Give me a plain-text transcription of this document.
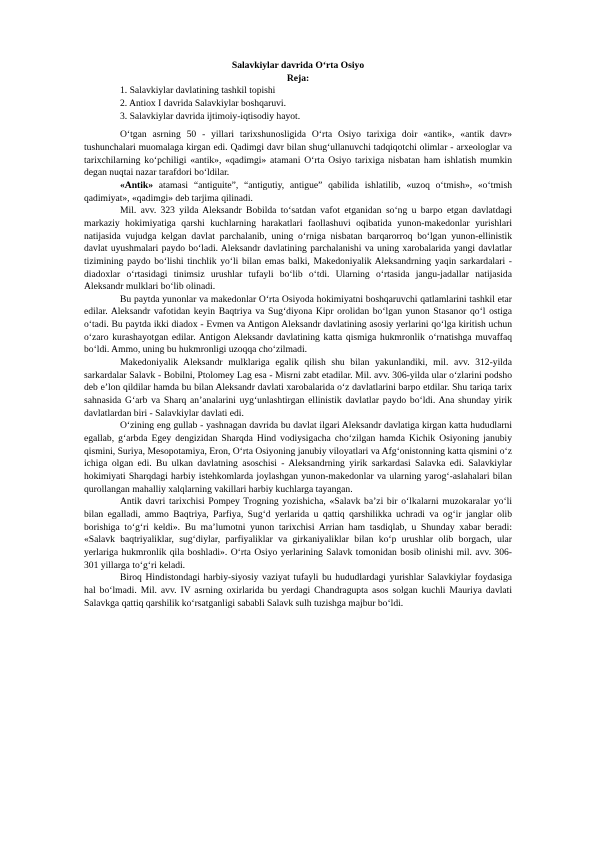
Salavkiylar davrida O‘rta Osiyo

Reja:

1. Salavkiylar davlatining tashkil topishi
2. Antiox I davrida Salavkiylar boshqaruvi.
3. Salavkiylar davrida ijtimoiy-iqtisodiy hayot.

O‘tgan asrning 50 - yillari tarixshunosligida O‘rta Osiyo tarixiga doir «antik», «antik davr» tushunchalari muomalaga kirgan edi. Qadimgi davr bilan shug‘ullanuvchi tadqiqotchi olimlar - arxeologlar va tarixchilarning ko‘pchiligi «antik», «qadimgi» atamani O‘rta Osiyo tarixiga nisbatan ham ishlatish mumkin degan nuqtai nazar tarafdori bo‘ldilar.

«Antik» atamasi “antiguite”, “antigutiy, antigue” qabilida ishlatilib, «uzoq o‘tmish», «o‘tmish qadimiyat», «qadimgi» deb tarjima qilinadi.

Mil. avv. 323 yilda Aleksandr Bobilda to‘satdan vafot etganidan so‘ng u barpo etgan davlatdagi markaziy hokimiyatiga qarshi kuchlarning harakatlari faollashuvi oqibatida yunon-makedonlar yurishlari natijasida vujudga kelgan davlat parchalanib, uning o‘rniga nisbatan barqarorroq bo‘lgan yunon-ellinistik davlat uyushmalari paydo bo‘ladi. Aleksandr davlatining parchalanishi va uning xarobalarida yangi davlatlar tizimining paydo bo‘lishi tinchlik yo‘li bilan emas balki, Makedoniyalik Aleksandrning yaqin sarkardalari - diadoxlar o‘rtasidagi tinimsiz urushlar tufayli bo‘lib o‘tdi. Ularning o‘rtasida jangu-jadallar natijasida Aleksandr mulklari bo‘lib olinadi.

Bu paytda yunonlar va makedonlar O‘rta Osiyoda hokimiyatni boshqaruvchi qatlamlarini tashkil etar edilar. Aleksandr vafotidan keyin Baqtriya va Sug‘diyona Kipr orolidan bo‘lgan yunon Stasanor qo‘l ostiga o‘tadi. Bu paytda ikki diadox - Evmen va Antigon Aleksandr davlatining asosiy yerlarini qo‘lga kiritish uchun o‘zaro kurashayotgan edilar. Antigon Aleksandr davlatining katta qismiga hukmronlik o‘rnatishga muvaffaq bo‘ldi. Ammo, uning bu hukmronligi uzoqqa cho‘zilmadi.

Makedoniyalik Aleksandr mulklariga egalik qilish shu bilan yakunlandiki, mil. avv. 312-yilda sarkardalar Salavk - Bobilni, Ptolomey Lag esa - Misrni zabt etadilar. Mil. avv. 306-yilda ular o‘zlarini podsho deb e’lon qildilar hamda bu bilan Aleksandr davlati xarobalarida o‘z davlatlarini barpo etdilar. Shu tariqa tarix sahnasida G‘arb va Sharq an’analarini uyg‘unlashtirgan ellinistik davlatlar paydo bo‘ldi. Ana shunday yirik davlatlardan biri - Salavkiylar davlati edi.

O‘zining eng gullab - yashnagan davrida bu davlat ilgari Aleksandr davlatiga kirgan katta hududlarni egallab, g‘arbda Egey dengizidan Sharqda Hind vodiysigacha cho‘zilgan hamda Kichik Osiyoning janubiy qismini, Suriya, Mesopotamiya, Eron, O‘rta Osiyoning janubiy viloyatlari va Afg‘onistonning katta qismini o‘z ichiga olgan edi. Bu ulkan davlatning asoschisi - Aleksandrning yirik sarkardasi Salavka edi. Salavkiylar hokimiyati Sharqdagi harbiy istehkomlarda joylashgan yunon-makedonlar va ularning yarog‘-aslahalari bilan qurollangan mahalliy xalqlarning vakillari harbiy kuchlarga tayangan.

Antik davri tarixchisi Pompey Trogning yozishicha, «Salavk ba’zi bir o‘lkalarni muzokaralar yo‘li bilan egalladi, ammo Baqtriya, Parfiya, Sug‘d yerlarida u qattiq qarshilikka uchradi va og‘ir janglar olib borishiga to‘g‘ri keldi». Bu ma’lumotni yunon tarixchisi Arrian ham tasdiqlab, u Shunday xabar beradi: «Salavk baqtriyaliklar, sug‘diylar, parfiyaliklar va girkaniyaliklar bilan ko‘p urushlar olib borgach, ular yerlariga hukmronlik qila boshladi». O‘rta Osiyo yerlarining Salavk tomonidan bosib olinishi mil. avv. 306-301 yillarga to‘g‘ri keladi.

Biroq Hindistondagi harbiy-siyosiy vaziyat tufayli bu hududlardagi yurishlar Salavkiylar foydasiga hal bo‘lmadi. Mil. avv. IV asrning oxirlarida bu yerdagi Chandragupta asos solgan kuchli Mauriya davlati Salavkga qattiq qarshilik ko‘rsatganligi sababli Salavk sulh tuzishga majbur bo‘ldi.
